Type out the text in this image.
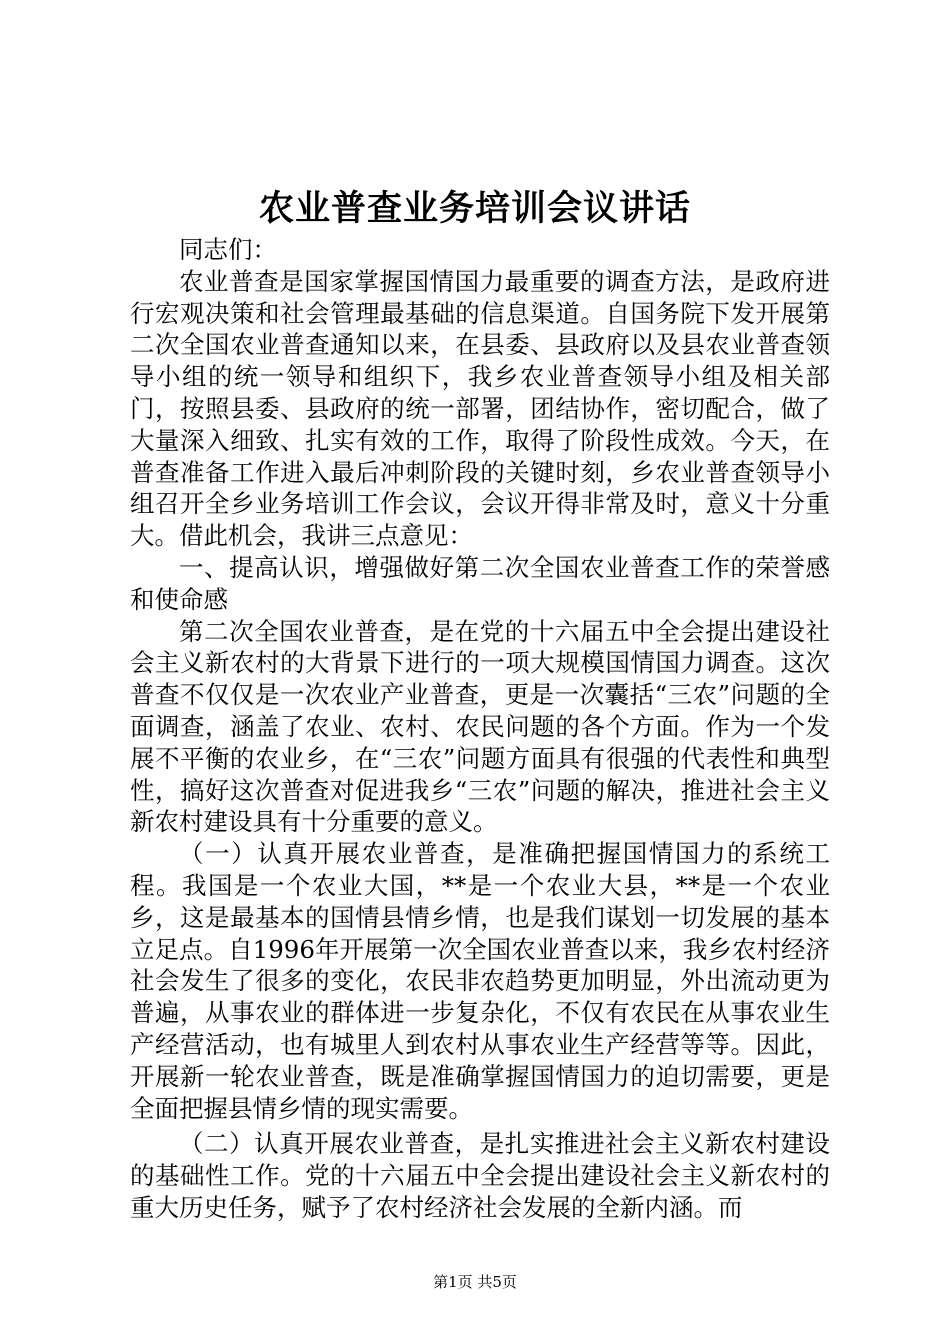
农业普查业务培训会议讲话

同志们：

农业普查是国家掌握国情国力最重要的调查方法，是政府进行宏观决策和社会管理最基础的信息渠道。自国务院下发开展第二次全国农业普查通知以来，在县委、县政府以及县农业普查领导小组的统一领导和组织下，我乡农业普查领导小组及相关部门，按照县委、县政府的统一部署，团结协作，密切配合，做了大量深入细致、扎实有效的工作，取得了阶段性成效。今天，在普查准备工作进入最后冲刺阶段的关键时刻，乡农业普查领导小组召开全乡业务培训工作会议，会议开得非常及时，意义十分重大。借此机会，我讲三点意见：

一、提高认识，增强做好第二次全国农业普查工作的荣誉感和使命感

第二次全国农业普查，是在党的十六届五中全会提出建设社会主义新农村的大背景下进行的一项大规模国情国力调查。这次普查不仅仅是一次农业产业普查，更是一次囊括“三农”问题的全面调查，涵盖了农业、农村、农民问题的各个方面。作为一个发展不平衡的农业乡，在“三农”问题方面具有很强的代表性和典型性，搞好这次普查对促进我乡“三农”问题的解决，推进社会主义新农村建设具有十分重要的意义。

（一）认真开展农业普查，是准确把握国情国力的系统工程。我国是一个农业大国，**是一个农业大县，**是一个农业乡，这是最基本的国情县情乡情，也是我们谋划一切发展的基本立足点。自1996年开展第一次全国农业普查以来，我乡农村经济社会发生了很多的变化，农民非农趋势更加明显，外出流动更为普遍，从事农业的群体进一步复杂化，不仅有农民在从事农业生产经营活动，也有城里人到农村从事农业生产经营等等。因此，开展新一轮农业普查，既是准确掌握国情国力的迫切需要，更是全面把握县情乡情的现实需要。

（二）认真开展农业普查，是扎实推进社会主义新农村建设的基础性工作。党的十六届五中全会提出建设社会主义新农村的重大历史任务，赋予了农村经济社会发展的全新内涵。而

第1页 共5页
